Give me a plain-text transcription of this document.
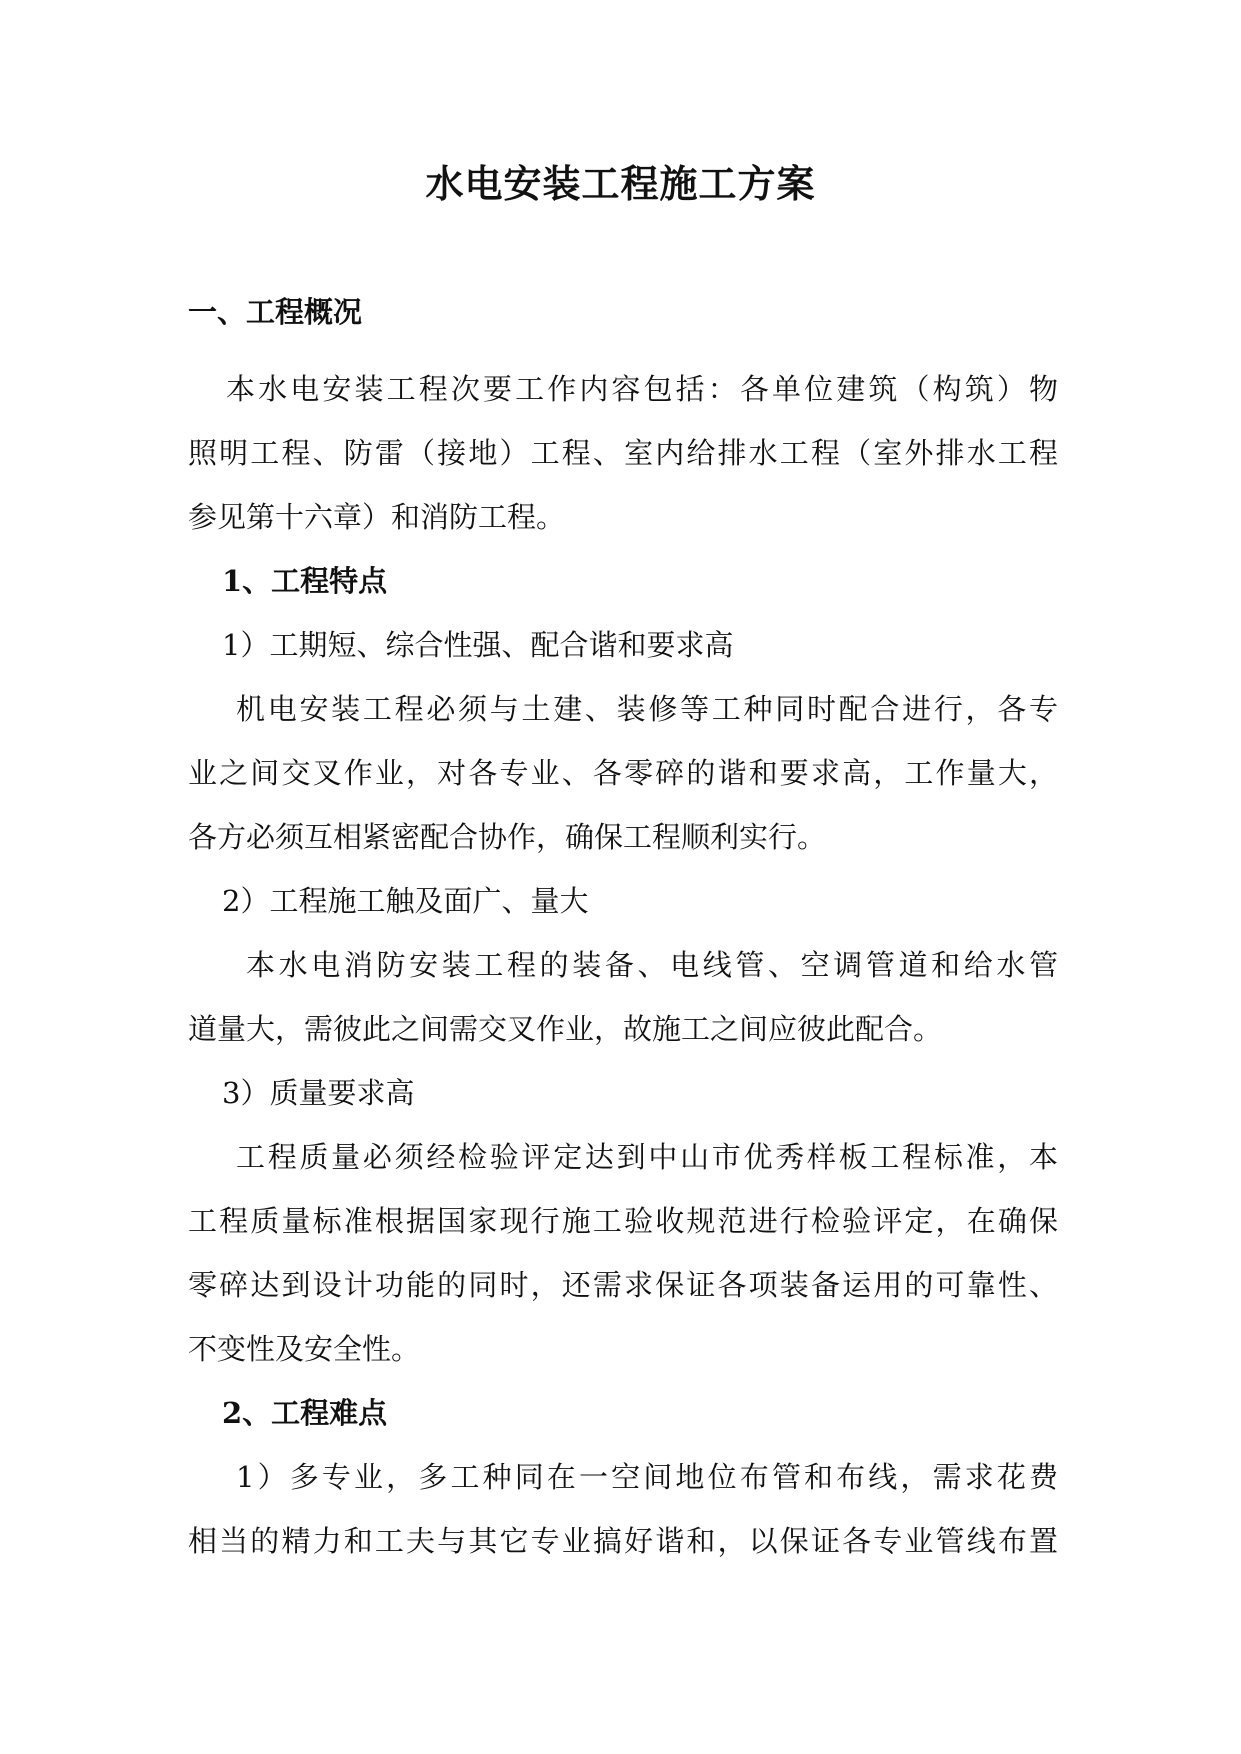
水电安装工程施工方案
一、工程概况
本水电安装工程次要工作内容包括：各单位建筑（构筑）物
照明工程、防雷（接地）工程、室内给排水工程（室外排水工程
参见第十六章）和消防工程。
1、工程特点
1）工期短、综合性强、配合谐和要求高
机电安装工程必须与土建、装修等工种同时配合进行，各专
业之间交叉作业，对各专业、各零碎的谐和要求高，工作量大，
各方必须互相紧密配合协作，确保工程顺利实行。
2）工程施工触及面广、量大
本水电消防安装工程的装备、电线管、空调管道和给水管
道量大，需彼此之间需交叉作业，故施工之间应彼此配合。
3）质量要求高
工程质量必须经检验评定达到中山市优秀样板工程标准，本
工程质量标准根据国家现行施工验收规范进行检验评定，在确保
零碎达到设计功能的同时，还需求保证各项装备运用的可靠性、
不变性及安全性。
2、工程难点
1）多专业，多工种同在一空间地位布管和布线，需求花费
相当的精力和工夫与其它专业搞好谐和，以保证各专业管线布置
